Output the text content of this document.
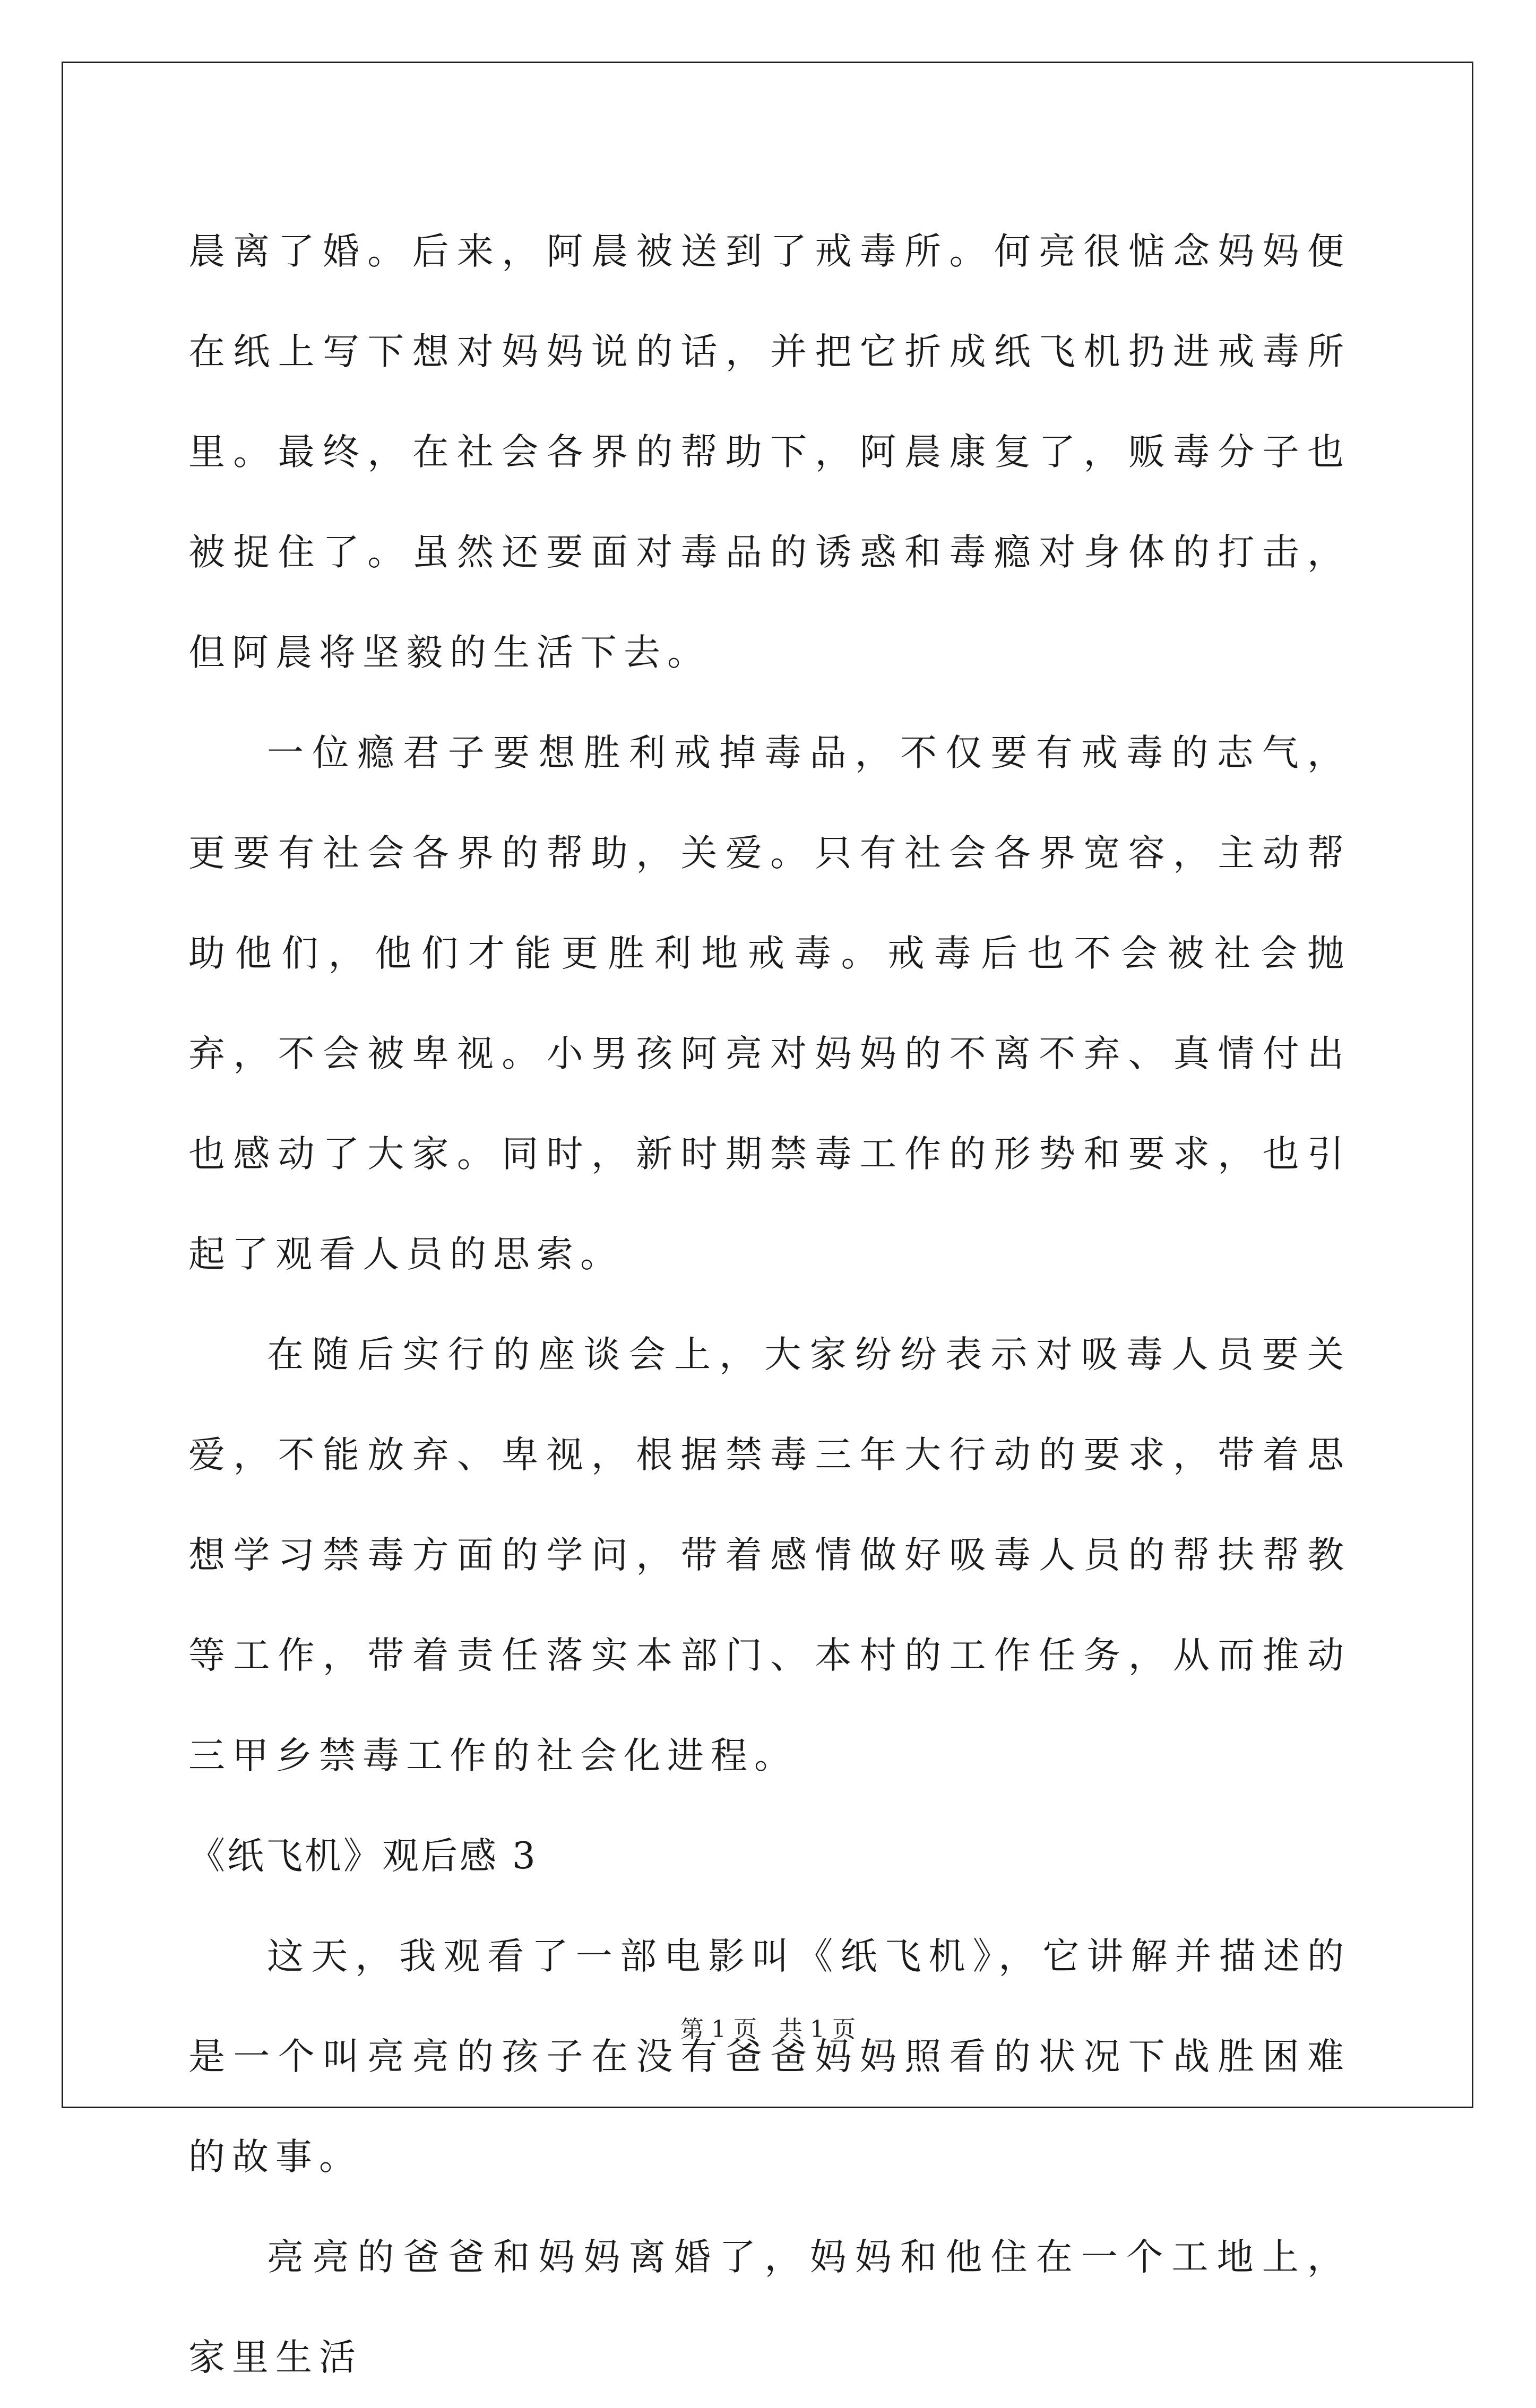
晨离了婚。后来，阿晨被送到了戒毒所。何亮很惦念妈妈便在纸上写下想对妈妈说的话，并把它折成纸飞机扔进戒毒所里。最终，在社会各界的帮助下，阿晨康复了，贩毒分子也被捉住了。虽然还要面对毒品的诱惑和毒瘾对身体的打击，但阿晨将坚毅的生活下去。

一位瘾君子要想胜利戒掉毒品，不仅要有戒毒的志气，更要有社会各界的帮助，关爱。只有社会各界宽容，主动帮助他们，他们才能更胜利地戒毒。戒毒后也不会被社会抛弃，不会被卑视。小男孩阿亮对妈妈的不离不弃、真情付出也感动了大家。同时，新时期禁毒工作的形势和要求，也引起了观看人员的思索。

在随后实行的座谈会上，大家纷纷表示对吸毒人员要关爱，不能放弃、卑视，根据禁毒三年大行动的要求，带着思想学习禁毒方面的学问，带着感情做好吸毒人员的帮扶帮教等工作，带着责任落实本部门、本村的工作任务，从而推动三甲乡禁毒工作的社会化进程。

《纸飞机》观后感 3

这天，我观看了一部电影叫《纸飞机》，它讲解并描述的是一个叫亮亮的孩子在没有爸爸妈妈照看的状况下战胜困难的故事。

亮亮的爸爸和妈妈离婚了，妈妈和他住在一个工地上，家里生活

第 1 页 共 1 页
